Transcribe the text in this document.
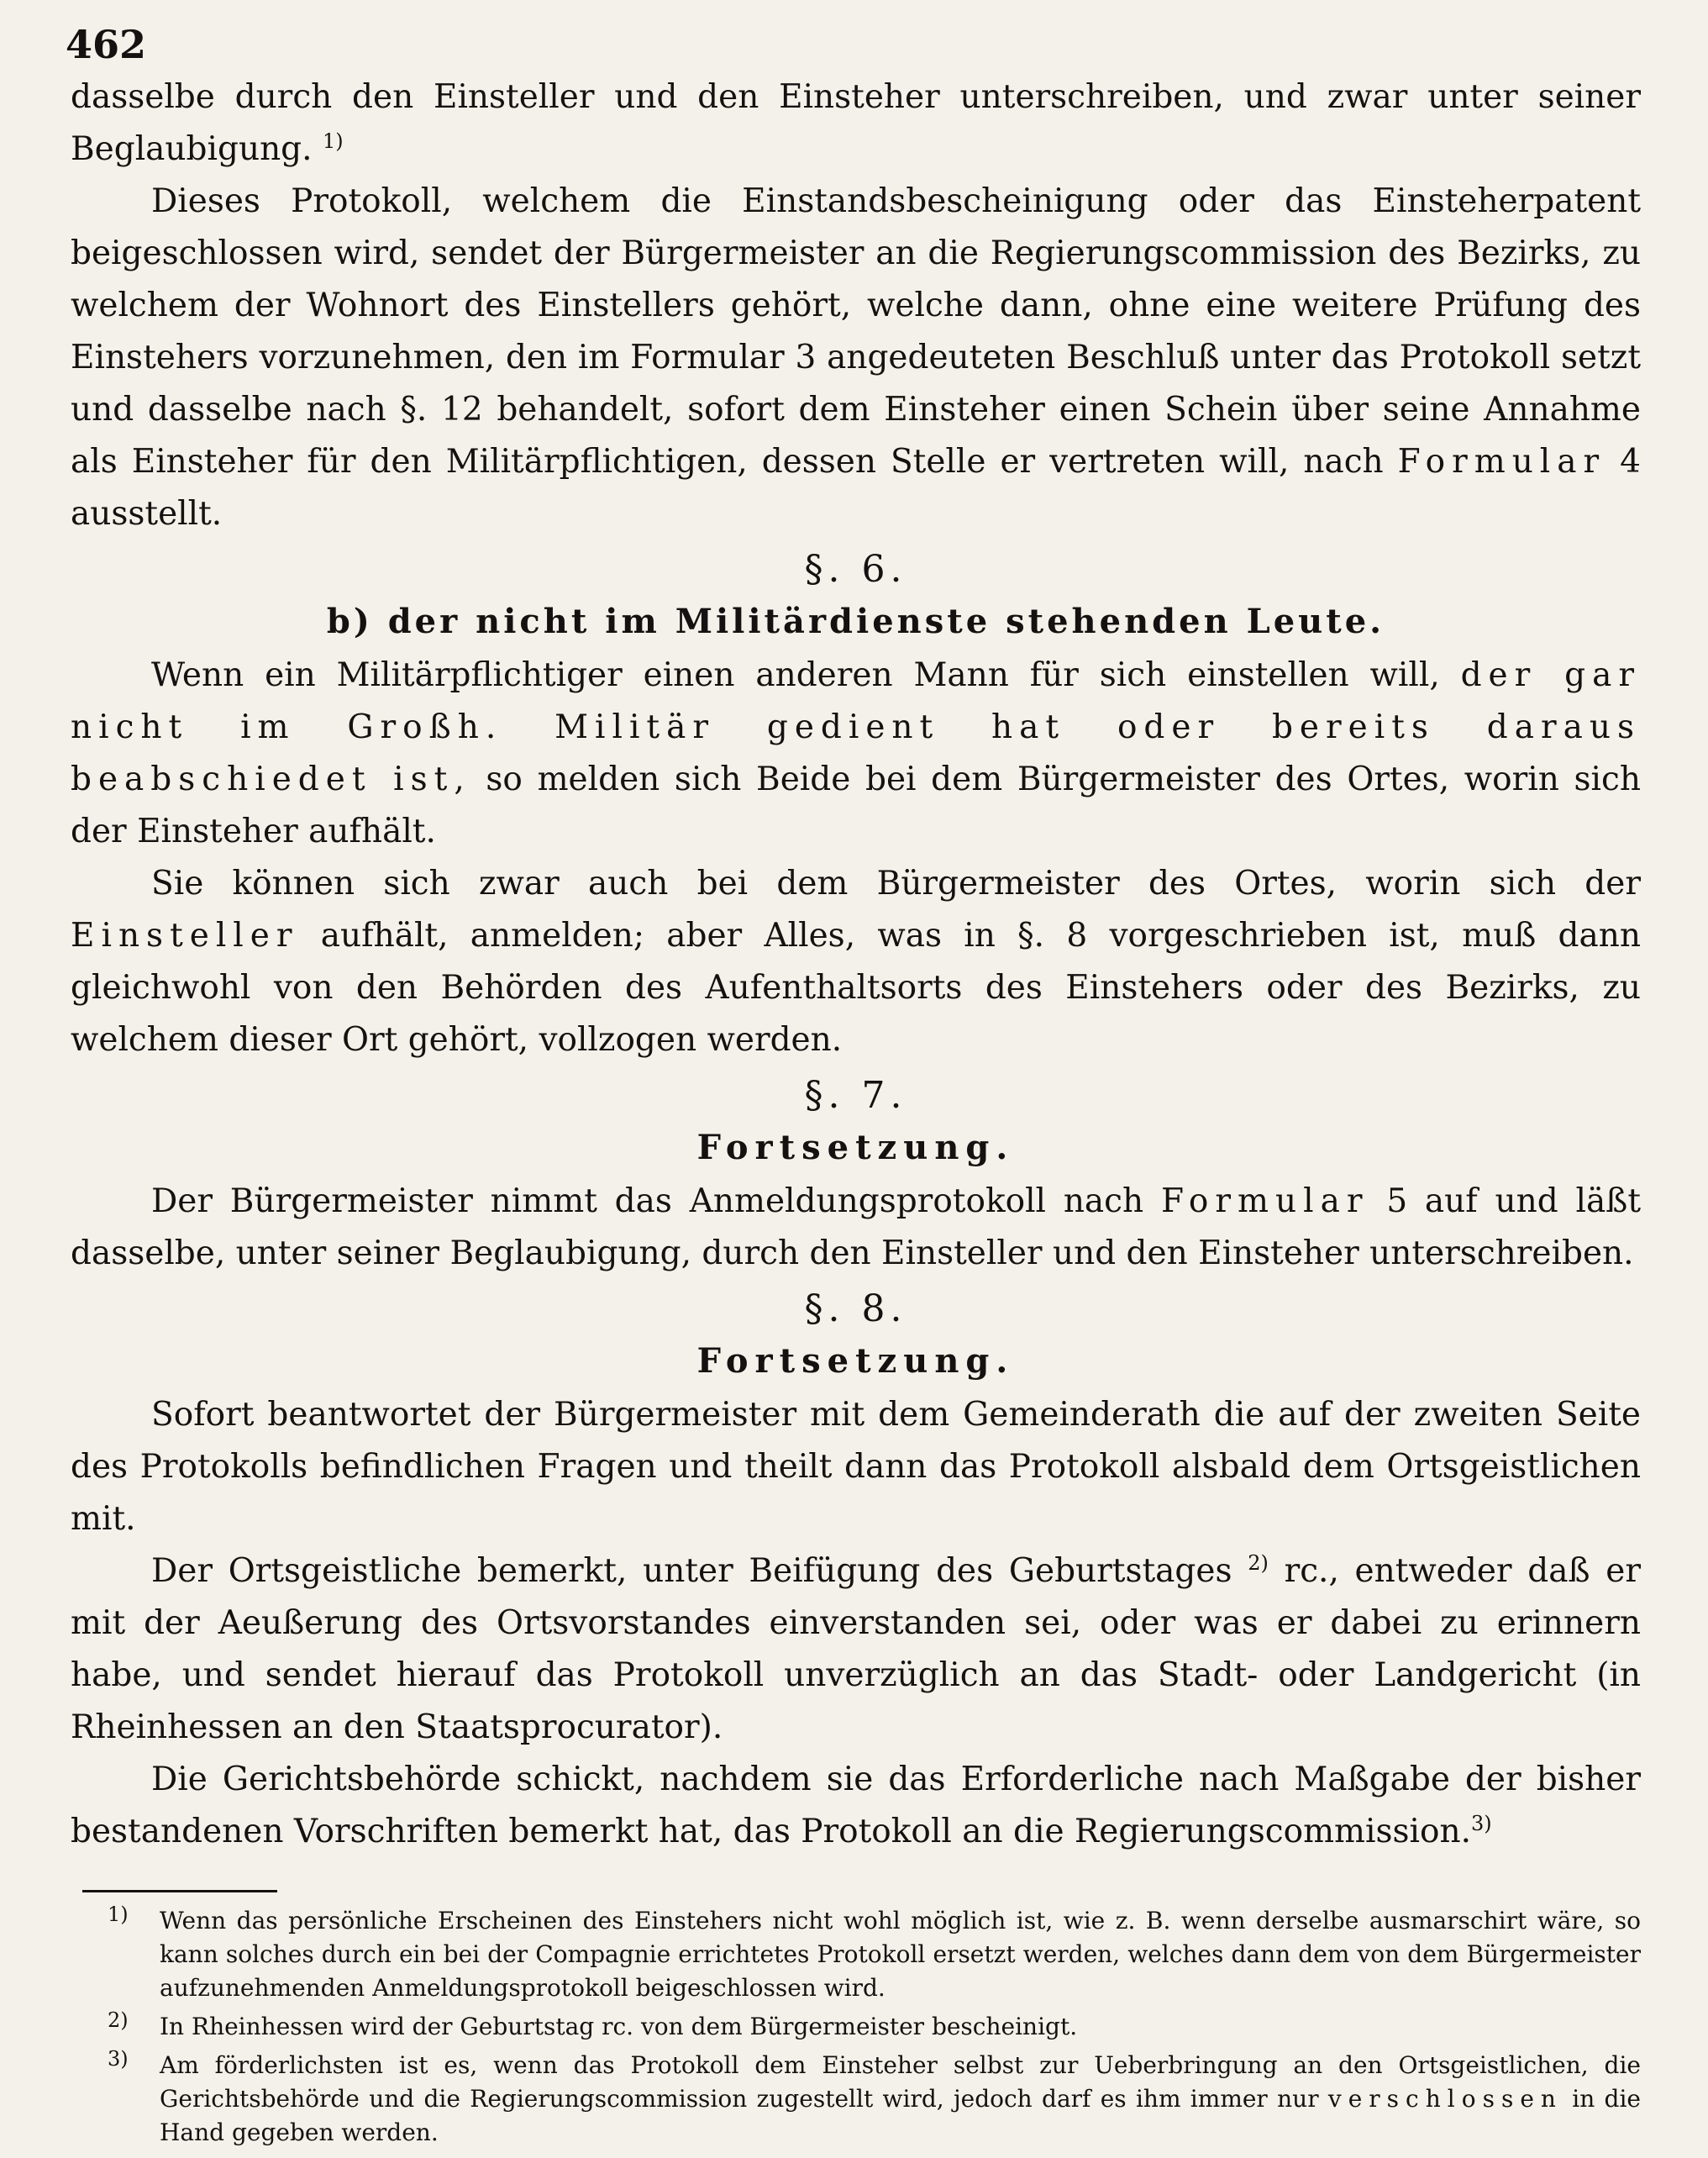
462

dasselbe durch den Einsteller und den Einsteher unterschreiben, und zwar unter seiner Beglaubigung. $^{1)}$

Dieses Protokoll, welchem die Einstandsbescheinigung oder das Einsteherpatent beigeschlossen wird, sendet der Bürgermeister an die Regierungscommission des Bezirks, zu welchem der Wohnort des Einstellers gehört, welche dann, ohne eine weitere Prüfung des Einstehers vorzunehmen, den im Formular 3 angedeuteten Beschluß unter das Protokoll setzt und dasselbe nach §. 12 behandelt, sofort dem Einsteher einen Schein über seine Annahme als Einsteher für den Militärpflichtigen, dessen Stelle er vertreten will, nach Formular 4 ausstellt.

§. 6.
b) der nicht im Militärdienste stehenden Leute.

Wenn ein Militärpflichtiger einen anderen Mann für sich einstellen will, der gar nicht im Großh. Militär gedient hat oder bereits daraus beabschiedet ist, so melden sich Beide bei dem Bürgermeister des Ortes, worin sich der Einsteher aufhält.

Sie können sich zwar auch bei dem Bürgermeister des Ortes, worin sich der Einsteller aufhält, anmelden; aber Alles, was in §. 8 vorgeschrieben ist, muß dann gleichwohl von den Behörden des Aufenthaltsorts des Einstehers oder des Bezirks, zu welchem dieser Ort gehört, vollzogen werden.

§. 7.
Fortsetzung.

Der Bürgermeister nimmt das Anmeldungsprotokoll nach Formular 5 auf und läßt dasselbe, unter seiner Beglaubigung, durch den Einsteller und den Einsteher unterschreiben.

§. 8.
Fortsetzung.

Sofort beantwortet der Bürgermeister mit dem Gemeinderath die auf der zweiten Seite des Protokolls befindlichen Fragen und theilt dann das Protokoll alsbald dem Ortsgeistlichen mit.

Der Ortsgeistliche bemerkt, unter Beifügung des Geburtstages $^{2)}$ rc., entweder daß er mit der Aeußerung des Ortsvorstandes einverstanden sei, oder was er dabei zu erinnern habe, und sendet hierauf das Protokoll unverzüglich an das Stadt- oder Landgericht (in Rheinhessen an den Staatsprocurator).

Die Gerichtsbehörde schickt, nachdem sie das Erforderliche nach Maßgabe der bisher bestandenen Vorschriften bemerkt hat, das Protokoll an die Regierungscommission.$^{3)}$

1) Wenn das persönliche Erscheinen des Einstehers nicht wohl möglich ist, wie z. B. wenn derselbe ausmarschirt wäre, so kann solches durch ein bei der Compagnie errichtetes Protokoll ersetzt werden, welches dann dem von dem Bürgermeister aufzunehmenden Anmeldungsprotokoll beigeschlossen wird.

2) In Rheinhessen wird der Geburtstag rc. von dem Bürgermeister bescheinigt.

3) Am förderlichsten ist es, wenn das Protokoll dem Einsteher selbst zur Ueberbringung an den Ortsgeistlichen, die Gerichtsbehörde und die Regierungscommission zugestellt wird, jedoch darf es ihm immer nur verschlossen in die Hand gegeben werden.
